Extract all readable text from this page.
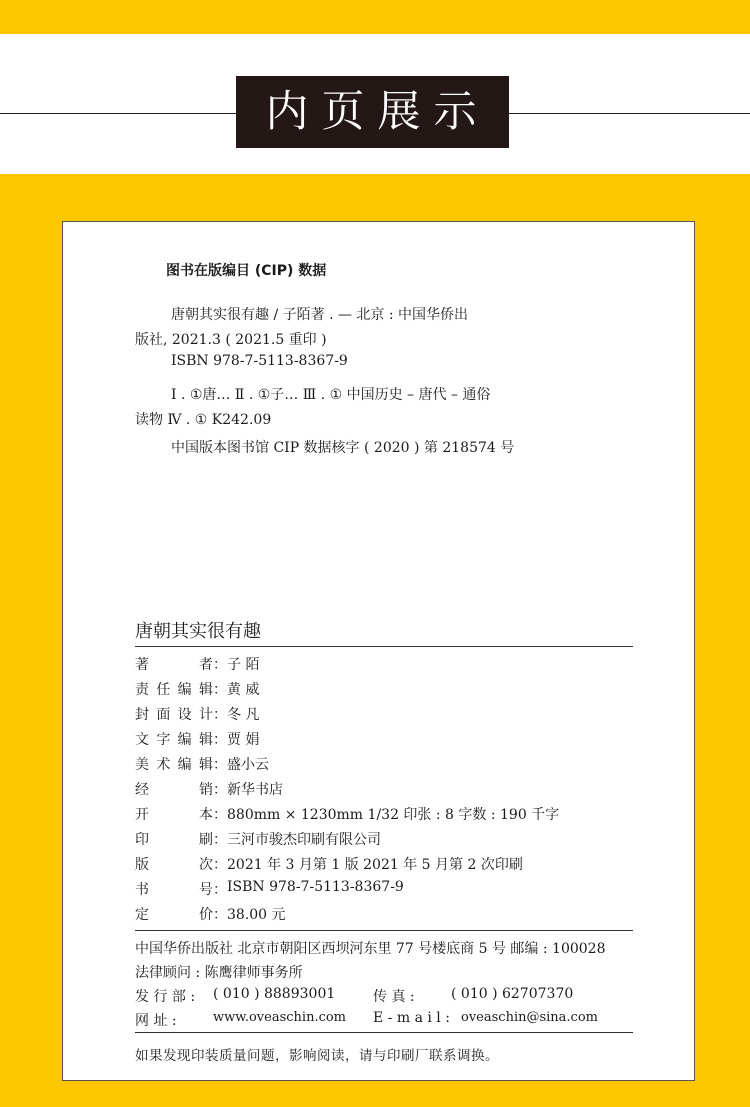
内页展示
图书在版编目 (CIP) 数据
唐朝其实很有趣 / 子陌著 . — 北京 : 中国华侨出
版社, 2021.3 ( 2021.5 重印 )
ISBN 978-7-5113-8367-9
Ⅰ . ①唐… Ⅱ . ①子… Ⅲ . ① 中国历史 – 唐代 – 通俗
读物 Ⅳ . ① K242.09
中国版本图书馆 CIP 数据核字 ( 2020 ) 第 218574 号
唐朝其实很有趣
著	者 ： 子 陌
责 任 编 辑 ： 黄 威
封 面 设 计 ： 冬 凡
文 字 编 辑 ： 贾 娟
美 术 编 辑 ： 盛小云
经	销 ： 新华书店
开	本 ： 880mm × 1230mm 1/32 印张 : 8 字数 : 190 千字
印	刷 ： 三河市骏杰印刷有限公司
版	次 ： 2021 年 3 月第 1 版 2021 年 5 月第 2 次印刷
书	号 ： ISBN 978-7-5113-8367-9
定	价 ： 38.00 元
中国华侨出版社 北京市朝阳区西坝河东里 77 号楼底商 5 号 邮编 : 100028
法律顾问 : 陈鹰律师事务所
发 行 部 : ( 010 ) 88893001	传 真 :	( 010 ) 62707370
网 址 :	www.oveaschin.com E - m a i l : oveaschin@sina.com
如果发现印装质量问题，影响阅读，请与印刷厂联系调换。
